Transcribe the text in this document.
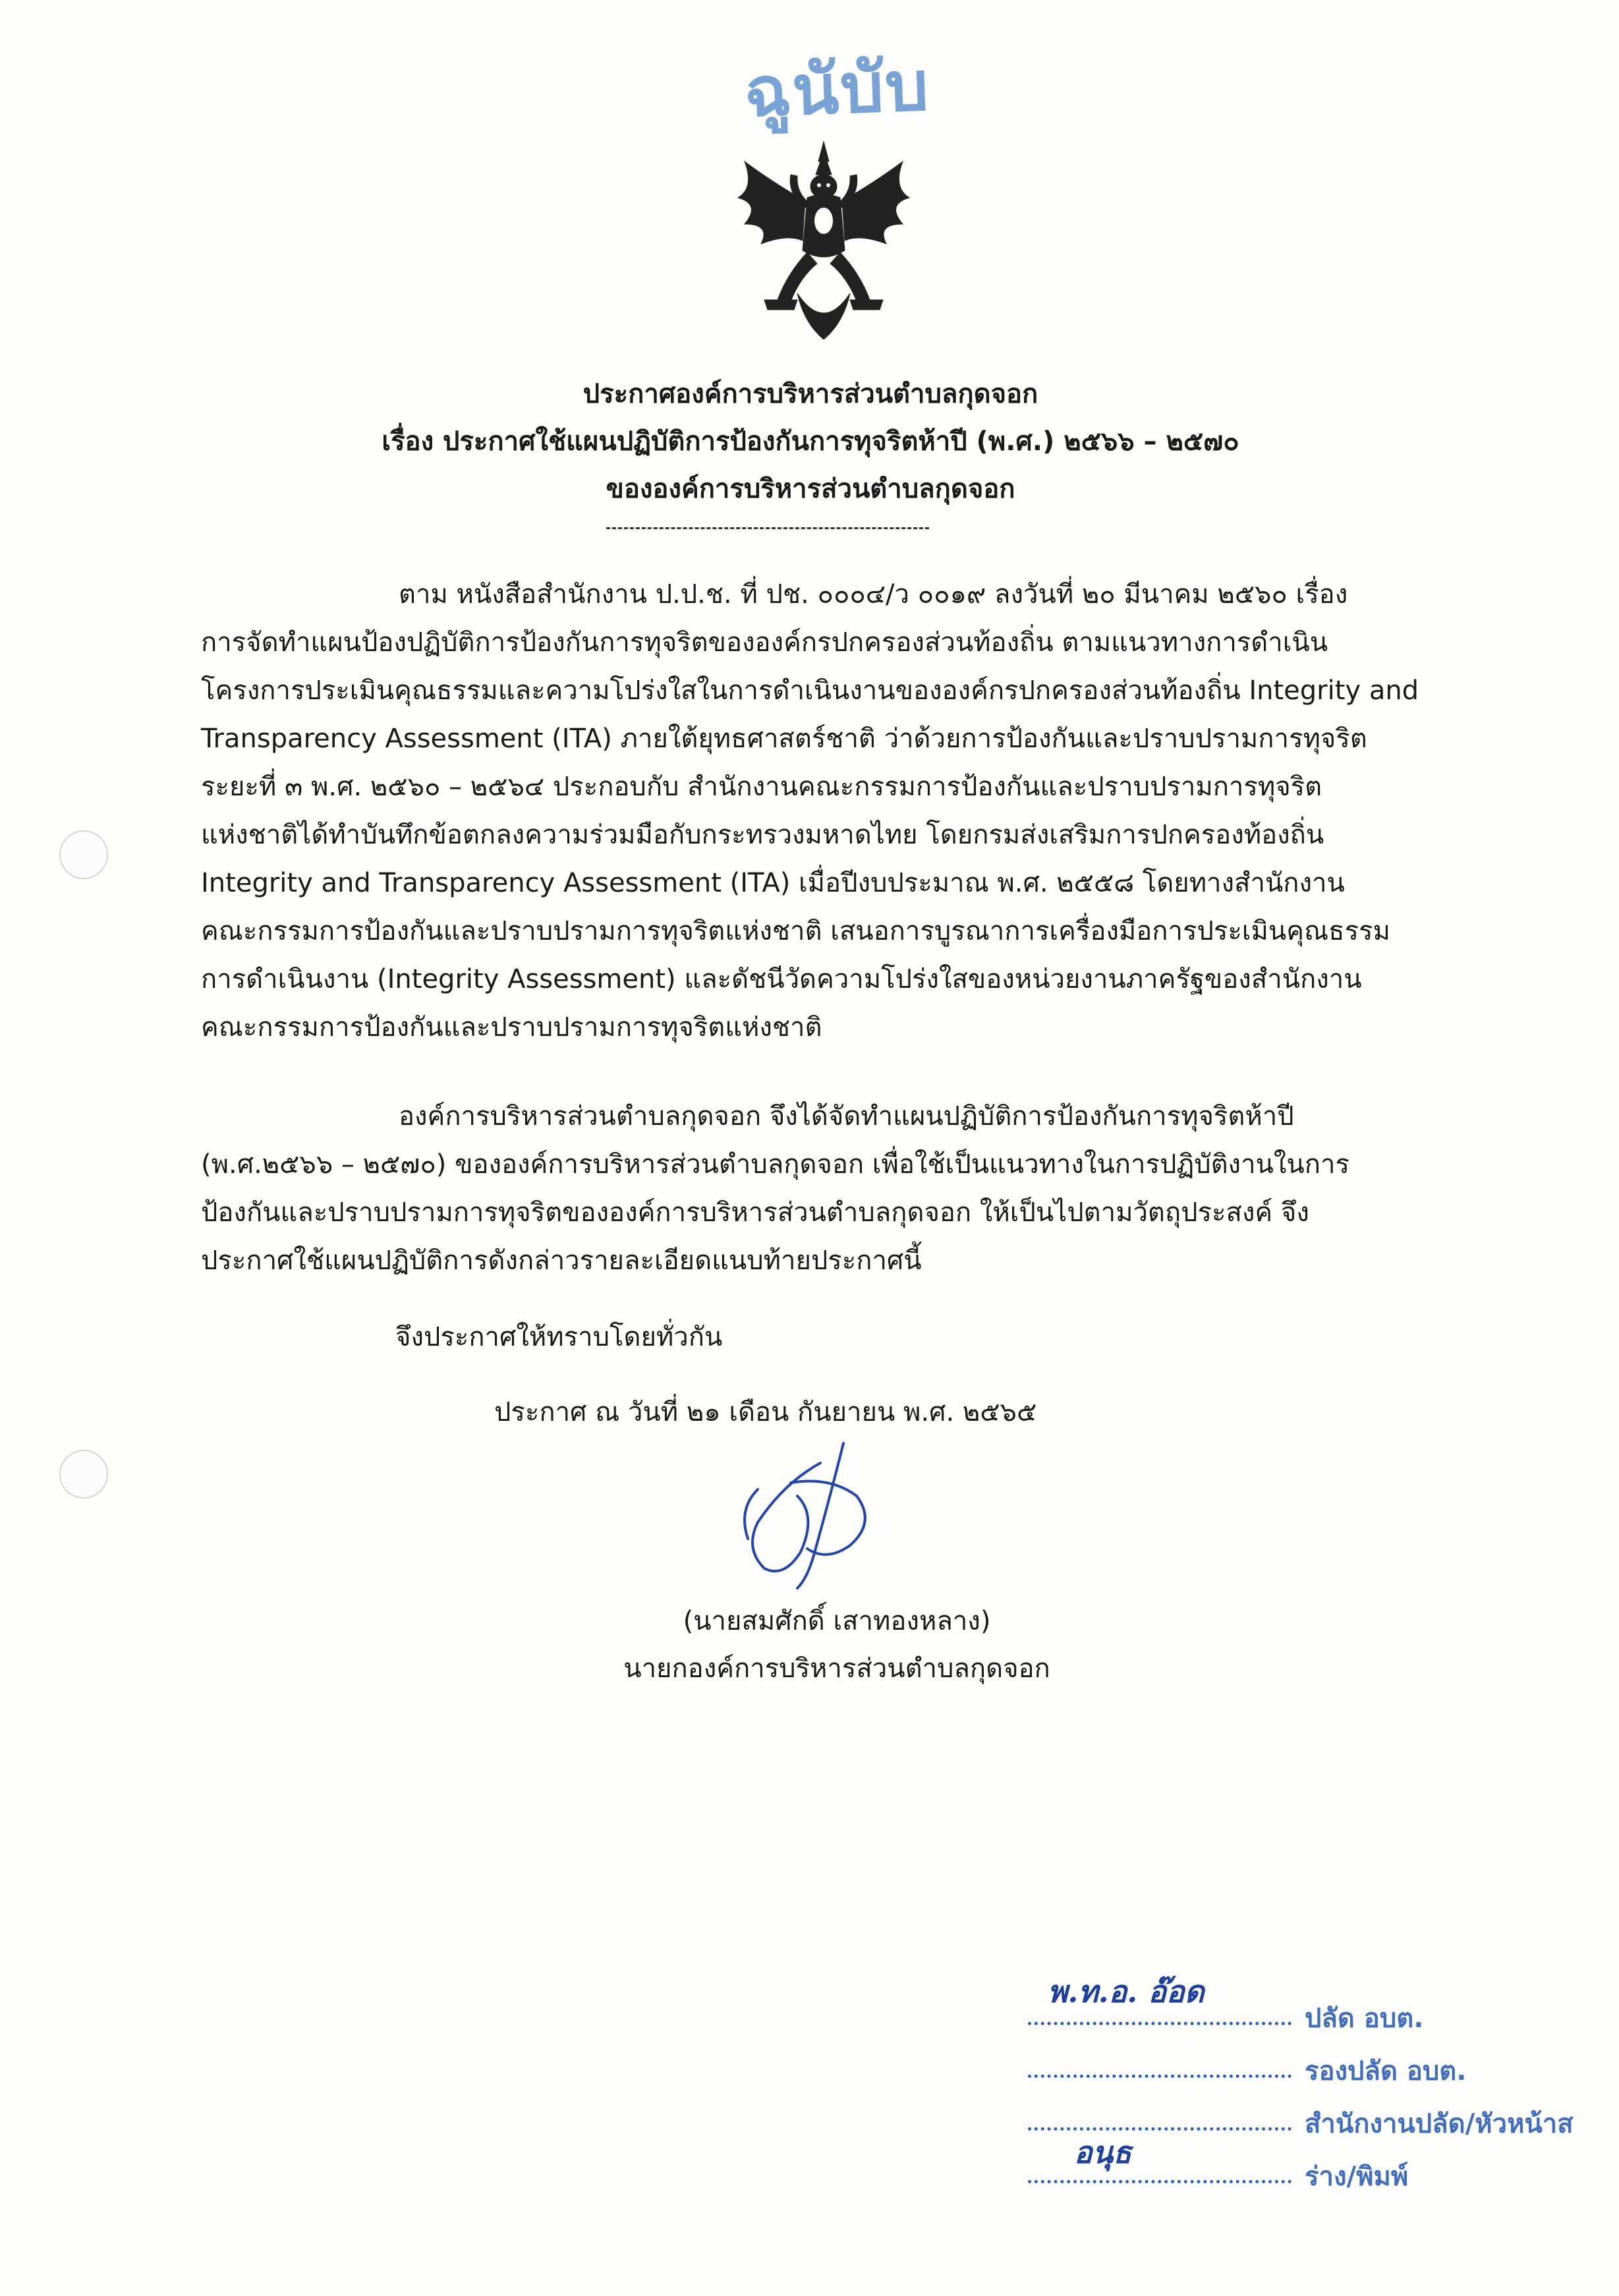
ฉูนับับ
ประกาศองค์การบริหารส่วนตำบลกุดจอก
เรื่อง ประกาศใช้แผนปฏิบัติการป้องกันการทุจริตห้าปี (พ.ศ.) ๒๕๖๖ – ๒๕๗๐
ขององค์การบริหารส่วนตำบลกุดจอก
ตาม หนังสือสำนักงาน ป.ป.ช. ที่ ปช. ๐๐๐๔/ว ๐๐๑๙ ลงวันที่ ๒๐ มีนาคม ๒๕๖๐ เรื่อง
การจัดทำแผนป้องปฏิบัติการป้องกันการทุจริตขององค์กรปกครองส่วนท้องถิ่น ตามแนวทางการดำเนิน
โครงการประเมินคุณธรรมและความโปร่งใสในการดำเนินงานขององค์กรปกครองส่วนท้องถิ่น Integrity and
Transparency Assessment (ITA) ภายใต้ยุทธศาสตร์ชาติ ว่าด้วยการป้องกันและปราบปรามการทุจริต
ระยะที่ ๓ พ.ศ. ๒๕๖๐ – ๒๕๖๔ ประกอบกับ สำนักงานคณะกรรมการป้องกันและปราบปรามการทุจริต
แห่งชาติได้ทำบันทึกข้อตกลงความร่วมมือกับกระทรวงมหาดไทย โดยกรมส่งเสริมการปกครองท้องถิ่น
Integrity and Transparency Assessment (ITA) เมื่อปีงบประมาณ พ.ศ. ๒๕๕๘ โดยทางสำนักงาน
คณะกรรมการป้องกันและปราบปรามการทุจริตแห่งชาติ เสนอการบูรณาการเครื่องมือการประเมินคุณธรรม
การดำเนินงาน (Integrity Assessment) และดัชนีวัดความโปร่งใสของหน่วยงานภาครัฐของสำนักงาน
คณะกรรมการป้องกันและปราบปรามการทุจริตแห่งชาติ
องค์การบริหารส่วนตำบลกุดจอก จึงได้จัดทำแผนปฏิบัติการป้องกันการทุจริตห้าปี
(พ.ศ.๒๕๖๖ – ๒๕๗๐) ขององค์การบริหารส่วนตำบลกุดจอก เพื่อใช้เป็นแนวทางในการปฏิบัติงานในการ
ป้องกันและปราบปรามการทุจริตขององค์การบริหารส่วนตำบลกุดจอก ให้เป็นไปตามวัตถุประสงค์ จึง
ประกาศใช้แผนปฏิบัติการดังกล่าวรายละเอียดแนบท้ายประกาศนี้
จึงประกาศให้ทราบโดยทั่วกัน
ประกาศ ณ วันที่ ๒๑ เดือน กันยายน พ.ศ. ๒๕๖๕
(นายสมศักดิ์ เสาทองหลาง)
นายกองค์การบริหารส่วนตำบลกุดจอก
ปลัด อบต.
พ.ท.อ. อ๊อด
รองปลัด อบต.
สำนักงานปลัด/หัวหน้าส
ร่าง/พิมพ์
อนุธ
